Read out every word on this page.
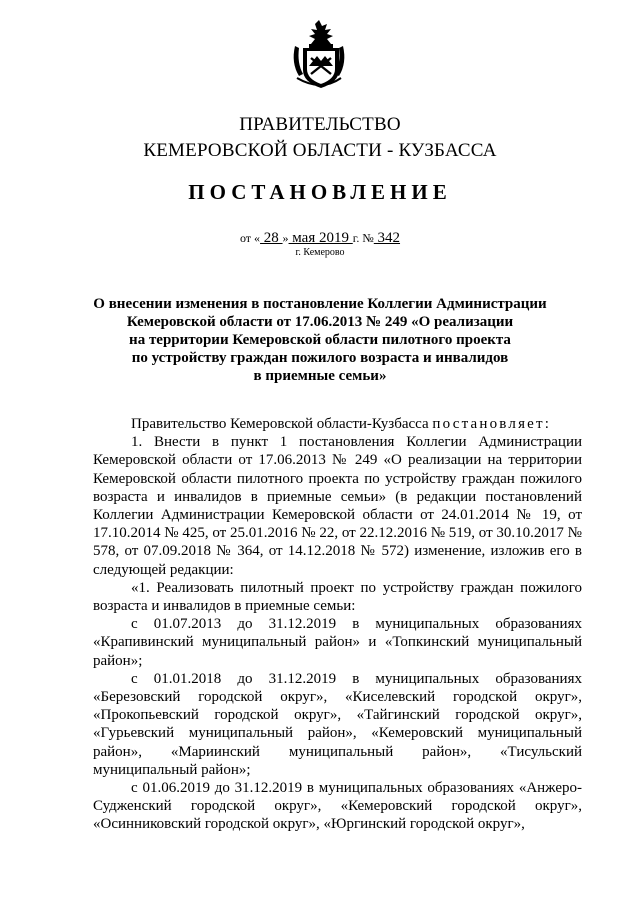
ПРАВИТЕЛЬСТВО
КЕМЕРОВСКОЙ ОБЛАСТИ - КУЗБАССА
ПОСТАНОВЛЕНИЕ
от « 28 » мая 2019 г. № 342
г. Кемерово
О внесении изменения в постановление Коллегии Администрации
Кемеровской области от 17.06.2013 № 249 «О реализации
на территории Кемеровской области пилотного проекта
по устройству граждан пожилого возраста и инвалидов
в приемные семьи»

Правительство Кемеровской области-Кузбасса постановляет:

1. Внести в пункт 1 постановления Коллегии Администрации Кемеровской области от 17.06.2013 № 249 «О реализации на территории Кемеровской области пилотного проекта по устройству граждан пожилого возраста и инвалидов в приемные семьи» (в редакции постановлений Коллегии Администрации Кемеровской области от 24.01.2014 № 19, от 17.10.2014 № 425, от 25.01.2016 № 22, от 22.12.2016 № 519, от 30.10.2017 № 578, от 07.09.2018 № 364, от 14.12.2018 № 572) изменение, изложив его в следующей редакции:

«1. Реализовать пилотный проект по устройству граждан пожилого возраста и инвалидов в приемные семьи:

с 01.07.2013 до 31.12.2019 в муниципальных образованиях «Крапивинский муниципальный район» и «Топкинский муниципальный район»;

с 01.01.2018 до 31.12.2019 в муниципальных образованиях «Березовский городской округ», «Киселевский городской округ», «Прокопьевский городской округ», «Тайгинский городской округ», «Гурьевский муниципальный район», «Кемеровский муниципальный район», «Мариинский муниципальный район», «Тисульский муниципальный район»;

с 01.06.2019 до 31.12.2019 в муниципальных образованиях «Анжеро-Судженский городской округ», «Кемеровский городской округ», «Осинниковский городской округ», «Юргинский городской округ»,
